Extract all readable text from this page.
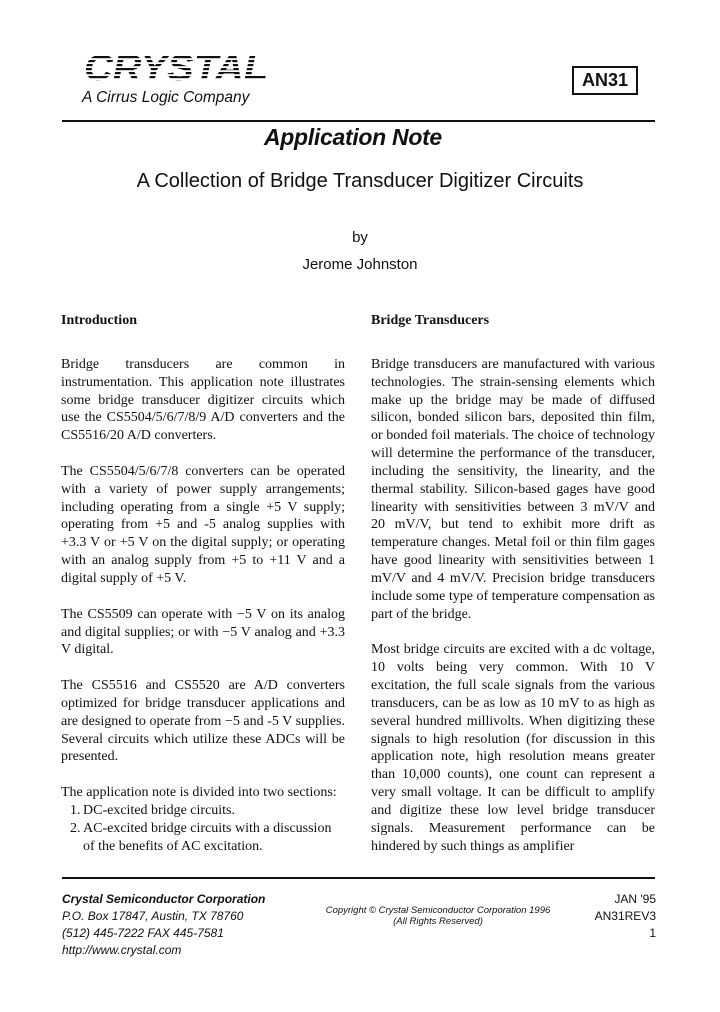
CRYSTAL
A Cirrus Logic Company
AN31
Application Note
A Collection of Bridge Transducer Digitizer Circuits
by
Jerome Johnston
Introduction

Bridge transducers are common in instrumentation. This application note illustrates some bridge transducer digitizer circuits which use the CS5504/5/6/7/8/9 A/D converters and the CS5516/20 A/D converters.

The CS5504/5/6/7/8 converters can be operated with a variety of power supply arrangements; including operating from a single +5 V supply; operating from +5 and -5 analog supplies with +3.3 V or +5 V on the digital supply; or operating with an analog supply from +5 to +11 V and a digital supply of +5 V.

The CS5509 can operate with −5 V on its analog and digital supplies; or with −5 V analog and +3.3 V digital.

The CS5516 and CS5520 are A/D converters optimized for bridge transducer applications and are designed to operate from −5 and -5 V supplies. Several circuits which utilize these ADCs will be presented.

The application note is divided into two sections:
1. DC-excited bridge circuits.
2. AC-excited bridge circuits with a discussion of the benefits of AC excitation.
Bridge Transducers

Bridge transducers are manufactured with various technologies. The strain-sensing elements which make up the bridge may be made of diffused silicon, bonded silicon bars, deposited thin film, or bonded foil materials. The choice of technology will determine the performance of the transducer, including the sensitivity, the linearity, and the thermal stability. Silicon-based gages have good linearity with sensitivities between 3 mV/V and 20 mV/V, but tend to exhibit more drift as temperature changes. Metal foil or thin film gages have good linearity with sensitivities between 1 mV/V and 4 mV/V. Precision bridge transducers include some type of temperature compensation as part of the bridge.

Most bridge circuits are excited with a dc voltage, 10 volts being very common. With 10 V excitation, the full scale signals from the various transducers, can be as low as 10 mV to as high as several hundred millivolts. When digitizing these signals to high resolution (for discussion in this application note, high resolution means greater than 10,000 counts), one count can represent a very small voltage. It can be difficult to amplify and digitize these low level bridge transducer signals. Measurement performance can be hindered by such things as amplifier

Crystal Semiconductor Corporation
P.O. Box 17847, Austin, TX 78760
(512) 445-7222 FAX 445-7581
http://www.crystal.com
Copyright © Crystal Semiconductor Corporation 1996
(All Rights Reserved)
JAN '95
AN31REV3
1
